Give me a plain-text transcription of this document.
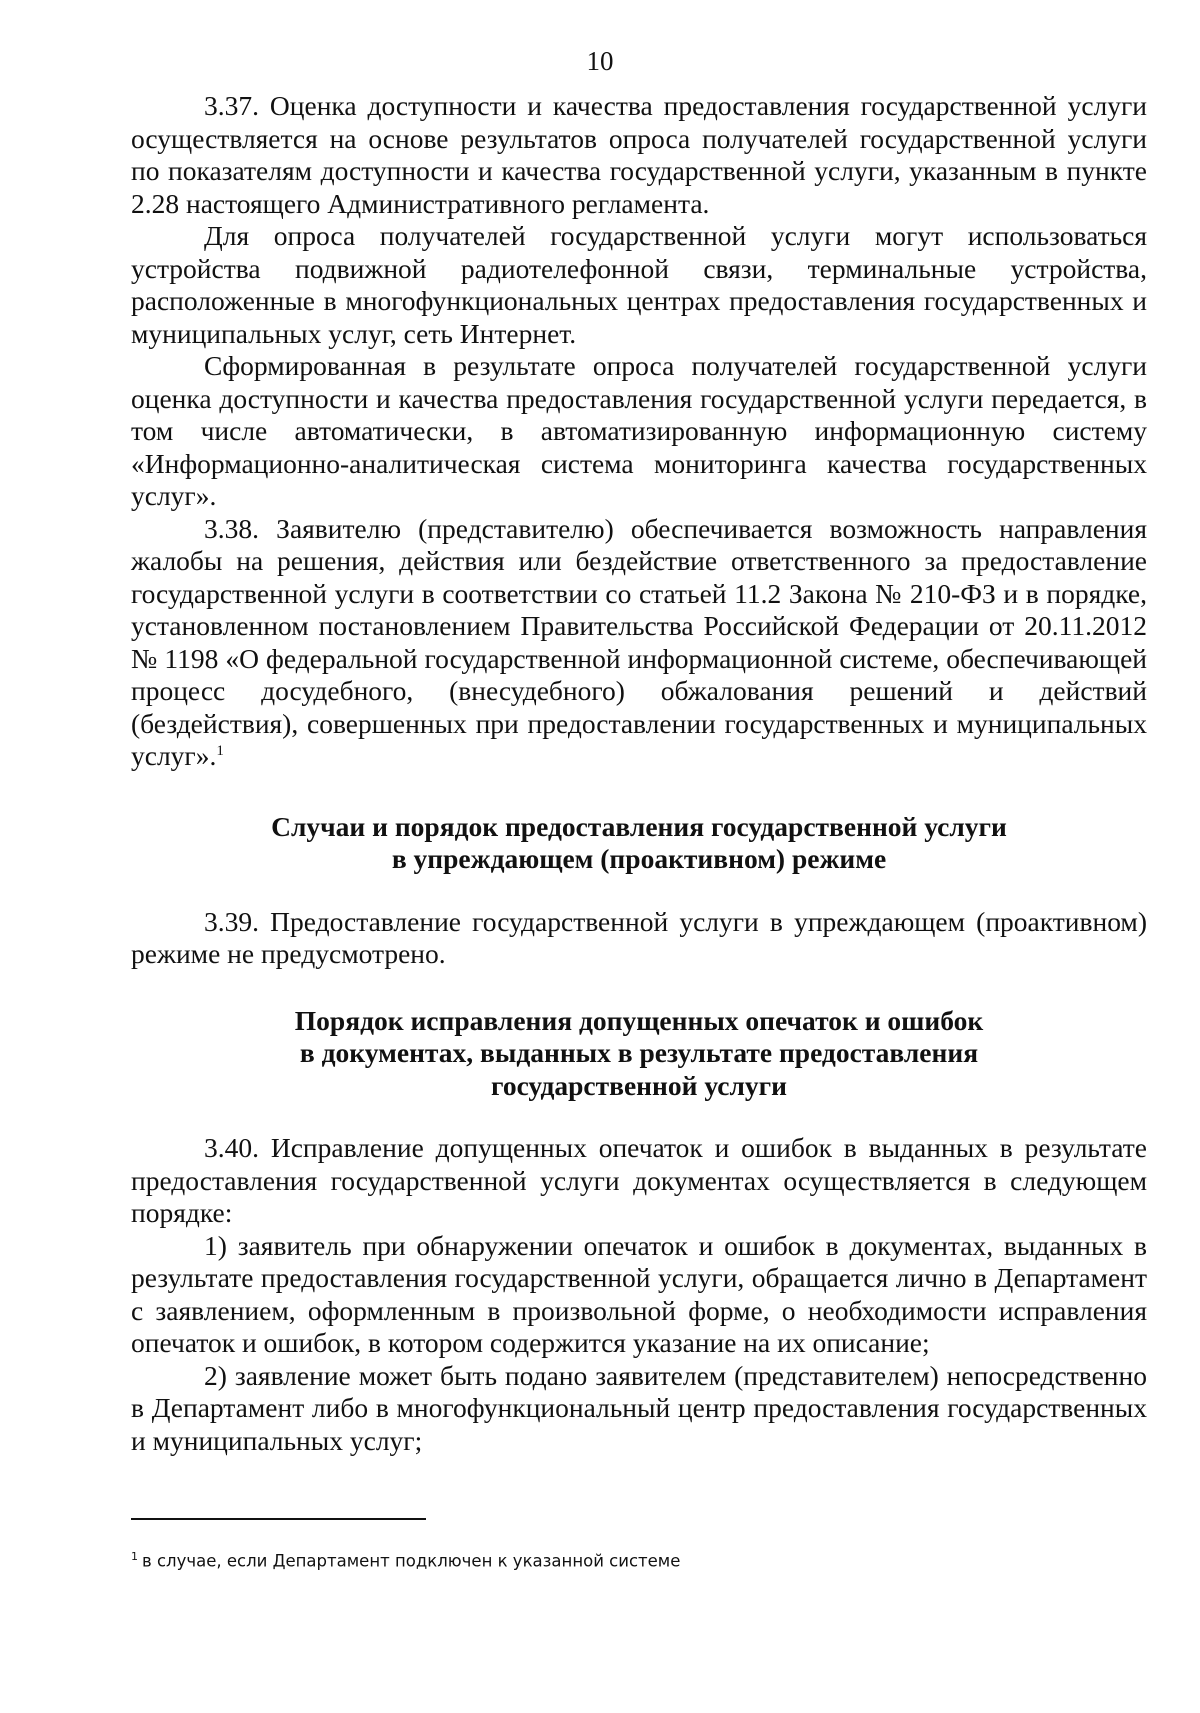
10

3.37. Оценка доступности и качества предоставления государственной услуги осуществляется на основе результатов опроса получателей государственной услуги по показателям доступности и качества государственной услуги, указанным в пункте 2.28 настоящего Административного регламента.

Для опроса получателей государственной услуги могут использоваться устройства подвижной радиотелефонной связи, терминальные устройства, расположенные в многофункциональных центрах предоставления государственных и муниципальных услуг, сеть Интернет.

Сформированная в результате опроса получателей государственной услуги оценка доступности и качества предоставления государственной услуги передается, в том числе автоматически, в автоматизированную информационную систему «Информационно-аналитическая система мониторинга качества государственных услуг».

3.38. Заявителю (представителю) обеспечивается возможность направления жалобы на решения, действия или бездействие ответственного за предоставление государственной услуги в соответствии со статьей 11.2 Закона № 210-ФЗ и в порядке, установленном постановлением Правительства Российской Федерации от 20.11.2012 № 1198 «О федеральной государственной информационной системе, обеспечивающей процесс досудебного, (внесудебного) обжалования решений и действий (бездействия), совершенных при предоставлении государственных и муниципальных услуг».$^1$

Случаи и порядок предоставления государственной услуги
в упреждающем (проактивном) режиме

3.39. Предоставление государственной услуги в упреждающем (проактивном) режиме не предусмотрено.

Порядок исправления допущенных опечаток и ошибок
в документах, выданных в результате предоставления
государственной услуги

3.40. Исправление допущенных опечаток и ошибок в выданных в результате предоставления государственной услуги документах осуществляется в следующем порядке:

1) заявитель при обнаружении опечаток и ошибок в документах, выданных в результате предоставления государственной услуги, обращается лично в Департамент с заявлением, оформленным в произвольной форме, о необходимости исправления опечаток и ошибок, в котором содержится указание на их описание;

2) заявление может быть подано заявителем (представителем) непосредственно в Департамент либо в многофункциональный центр предоставления государственных и муниципальных услуг;

$^1$ в случае, если Департамент подключен к указанной системе
